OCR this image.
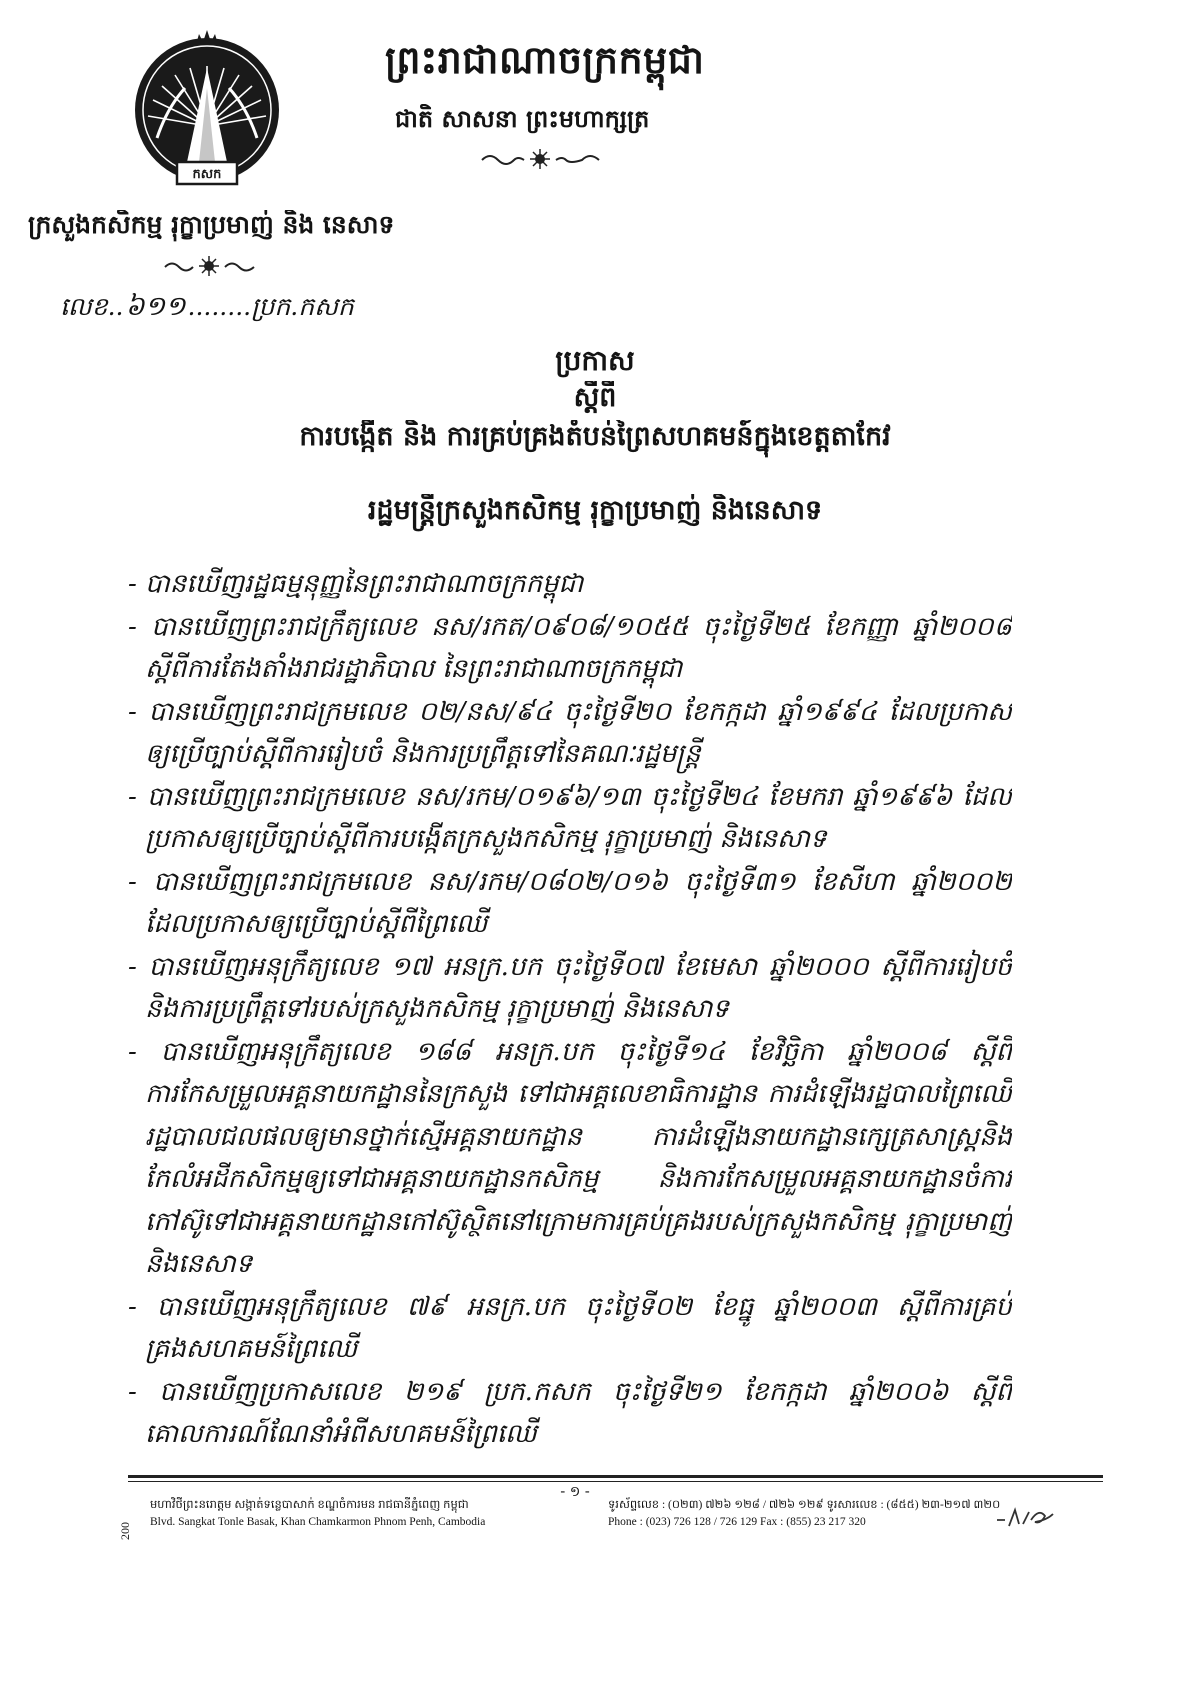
កសក
ព្រះរាជាណាចក្រកម្ពុជា
ជាតិ សាសនា ព្រះមហាក្សត្រ
ក្រសួងកសិកម្ម រុក្ខាប្រមាញ់ និង នេសាទ
លេខ..៦១១........ប្រក.កសក
ប្រកាស
ស្តីពី
ការបង្កើត និង ការគ្រប់គ្រងតំបន់ព្រៃសហគមន៍ក្នុងខេត្តតាកែវ
រដ្ឋមន្ត្រីក្រសួងកសិកម្ម រុក្ខាប្រមាញ់ និងនេសាទ

- បានឃើញរដ្ឋធម្មនុញ្ញនៃព្រះរាជាណាចក្រកម្ពុជា

- បានឃើញព្រះរាជក្រឹត្យលេខ នស/រកត/០៩០៨/១០៥៥ ចុះថ្ងៃទី២៥ ខែកញ្ញា ឆ្នាំ២០០៨ ស្តីពីការតែងតាំងរាជរដ្ឋាភិបាល នៃព្រះរាជាណាចក្រកម្ពុជា

- បានឃើញព្រះរាជក្រមលេខ ០២/នស/៩៤ ចុះថ្ងៃទី២០ ខែកក្កដា ឆ្នាំ១៩៩៤ ដែលប្រកាសឲ្យប្រើច្បាប់ស្តីពីការរៀបចំ និងការប្រព្រឹត្តទៅនៃគណៈរដ្ឋមន្ត្រី

- បានឃើញព្រះរាជក្រមលេខ នស/រកម/០១៩៦/១៣ ចុះថ្ងៃទី២៤ ខែមករា ឆ្នាំ១៩៩៦ ដែលប្រកាសឲ្យប្រើច្បាប់ស្តីពីការបង្កើតក្រសួងកសិកម្ម រុក្ខាប្រមាញ់ និងនេសាទ

- បានឃើញព្រះរាជក្រមលេខ នស/រកម/០៨០២/០១៦ ចុះថ្ងៃទី៣១ ខែសីហា ឆ្នាំ២០០២ ដែលប្រកាសឲ្យប្រើច្បាប់ស្តីពីព្រៃឈើ

- បានឃើញអនុក្រឹត្យលេខ ១៧ អនក្រ.បក ចុះថ្ងៃទី០៧ ខែមេសា ឆ្នាំ២០០០ ស្តីពីការរៀបចំ និងការប្រព្រឹត្តទៅរបស់ក្រសួងកសិកម្ម រុក្ខាប្រមាញ់ និងនេសាទ

- បានឃើញអនុក្រឹត្យលេខ ១៨៨ អនក្រ.បក ចុះថ្ងៃទី១៤ ខែវិច្ឆិកា ឆ្នាំ២០០៨ ស្តីពីការកែសម្រួលអគ្គនាយកដ្ឋាននៃក្រសួង ទៅជាអគ្គលេខាធិការដ្ឋាន ការដំឡើងរដ្ឋបាលព្រៃឈើ រដ្ឋបាលជលផលឲ្យមានថ្នាក់ស្មើអគ្គនាយកដ្ឋាន ការដំឡើងនាយកដ្ឋានក្សេត្រសាស្ត្រនិងកែលំអដីកសិកម្មឲ្យទៅជាអគ្គនាយកដ្ឋានកសិកម្ម និងការកែសម្រួលអគ្គនាយកដ្ឋានចំការកៅស៊ូទៅជាអគ្គនាយកដ្ឋានកៅស៊ូស្ថិតនៅក្រោមការគ្រប់គ្រងរបស់ក្រសួងកសិកម្ម រុក្ខាប្រមាញ់ និងនេសាទ

- បានឃើញអនុក្រឹត្យលេខ ៧៩ អនក្រ.បក ចុះថ្ងៃទី០២ ខែធ្នូ ឆ្នាំ២០០៣ ស្តីពីការគ្រប់គ្រងសហគមន៍ព្រៃឈើ

- បានឃើញប្រកាសលេខ ២១៩ ប្រក.កសក ចុះថ្ងៃទី២១ ខែកក្កដា ឆ្នាំ២០០៦ ស្តីពីគោលការណ៍ណែនាំអំពីសហគមន៍ព្រៃឈើ

- ១ -
មហាវិថីព្រះនរោត្តម សង្កាត់ទន្លេបាសាក់ ខណ្ឌចំការមន រាជធានីភ្នំពេញ កម្ពុជា
Blvd. Sangkat Tonle Basak, Khan Chamkarmon Phnom Penh, Cambodia
ទូរស័ព្ទលេខ : (០២៣) ៧២៦ ១២៨ / ៧២៦ ១២៩ ទូរសារលេខ : (៨៥៥) ២៣-២១៧ ៣២០
Phone : (023) 726 128 / 726 129 Fax : (855) 23 217 320
200
